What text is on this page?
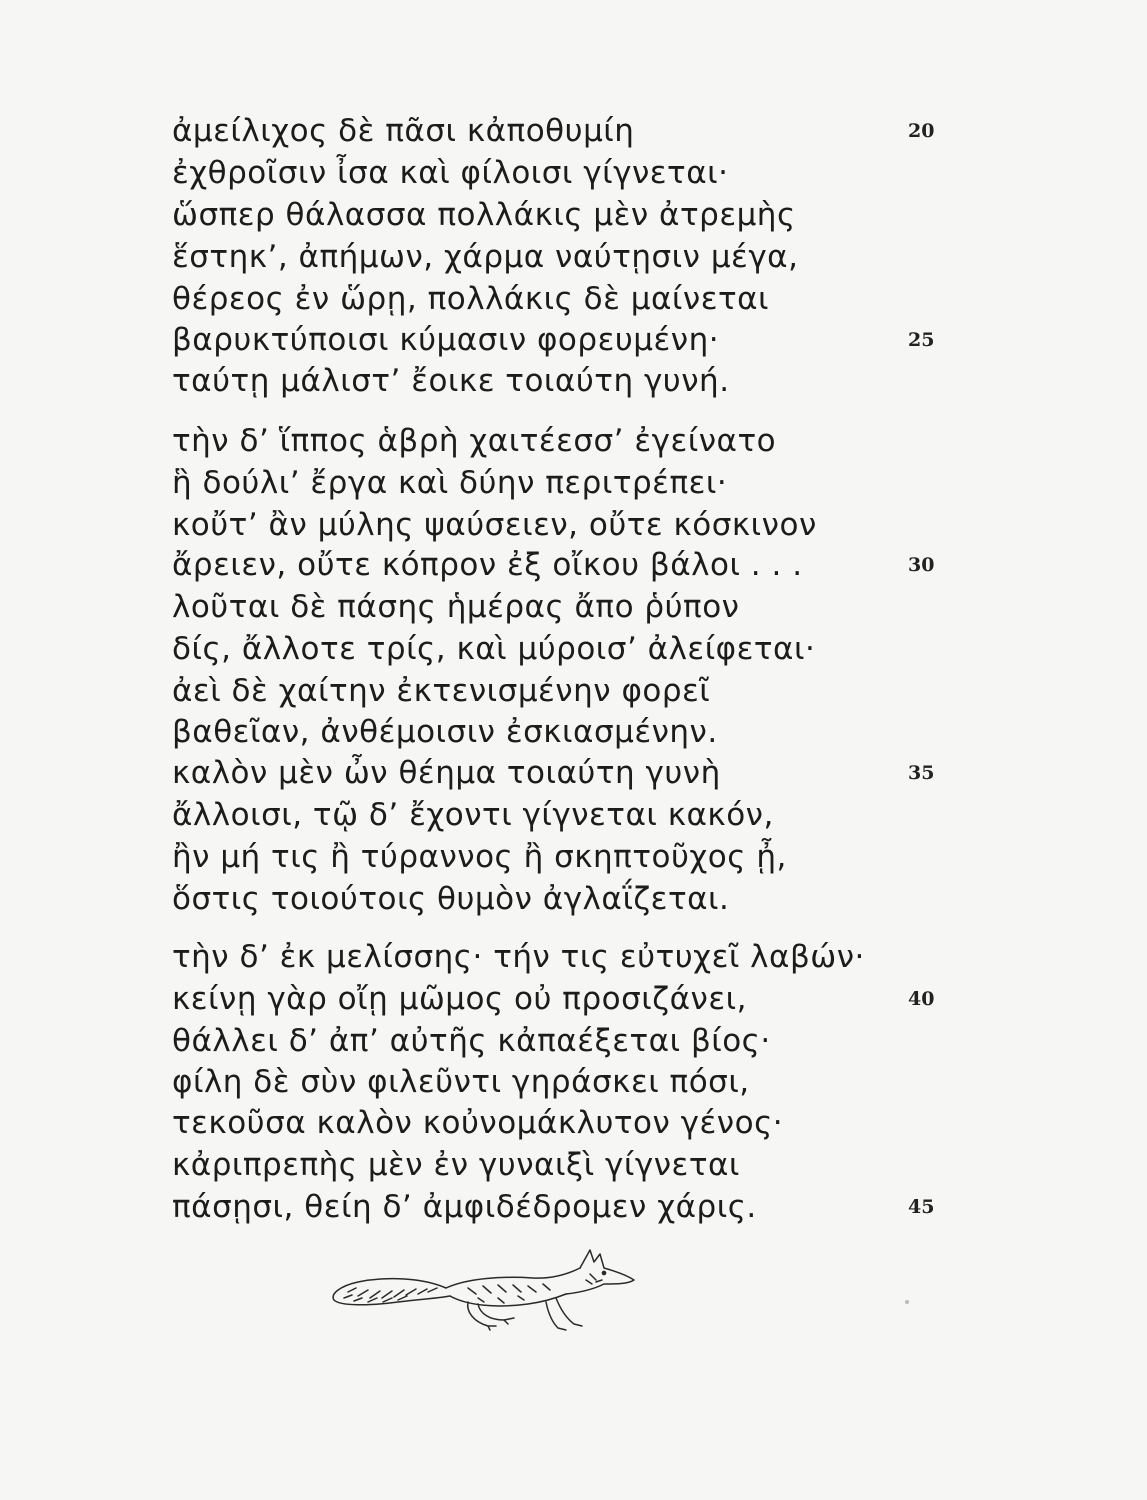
ἀμείλιχος δὲ πᾶσι κἀποθυμίη	20
ἐχθροῖσιν ἶσα καὶ φίλοισι γίγνεται·
ὥσπερ θάλασσα πολλάκις μὲν ἀτρεμὴς
ἕστηκ’, ἀπήμων, χάρμα ναύτῃσιν μέγα,
θέρεος ἐν ὥρῃ, πολλάκις δὲ μαίνεται
βαρυκτύποισι κύμασιν φορευμένη·	25
ταύτῃ μάλιστ’ ἔοικε τοιαύτη γυνή.
τὴν δ’ ἵππος ἁβρὴ χαιτέεσσ’ ἐγείνατο
ἣ δούλι’ ἔργα καὶ δύην περιτρέπει·
κοὔτ’ ἂν μύλης ψαύσειεν, οὔτε κόσκινον
ἄρειεν, οὔτε κόπρον ἐξ οἴκου βάλοι . . .	30
λοῦται δὲ πάσης ἡμέρας ἄπο ῥύπον
δίς, ἄλλοτε τρίς, καὶ μύροισ’ ἀλείφεται·
ἀεὶ δὲ χαίτην ἐκτενισμένην φορεῖ
βαθεῖαν, ἀνθέμοισιν ἐσκιασμένην.
καλὸν μὲν ὦν θέημα τοιαύτη γυνὴ	35
ἄλλοισι, τῷ δ’ ἔχοντι γίγνεται κακόν,
ἢν μή τις ἢ τύραννος ἢ σκηπτοῦχος ᾖ,
ὅστις τοιούτοις θυμὸν ἀγλαΐζεται.
τὴν δ’ ἐκ μελίσσης· τήν τις εὐτυχεῖ λαβών·
κείνῃ γὰρ οἴῃ μῶμος οὐ προσιζάνει,	40
θάλλει δ’ ἀπ’ αὐτῆς κἀπαέξεται βίος·
φίλη δὲ σὺν φιλεῦντι γηράσκει πόσι,
τεκοῦσα καλὸν κοὐνομάκλυτον γένος·
κἀριπρεπὴς μὲν ἐν γυναιξὶ γίγνεται
πάσῃσι, θείη δ’ ἀμφιδέδρομεν χάρις.	45
